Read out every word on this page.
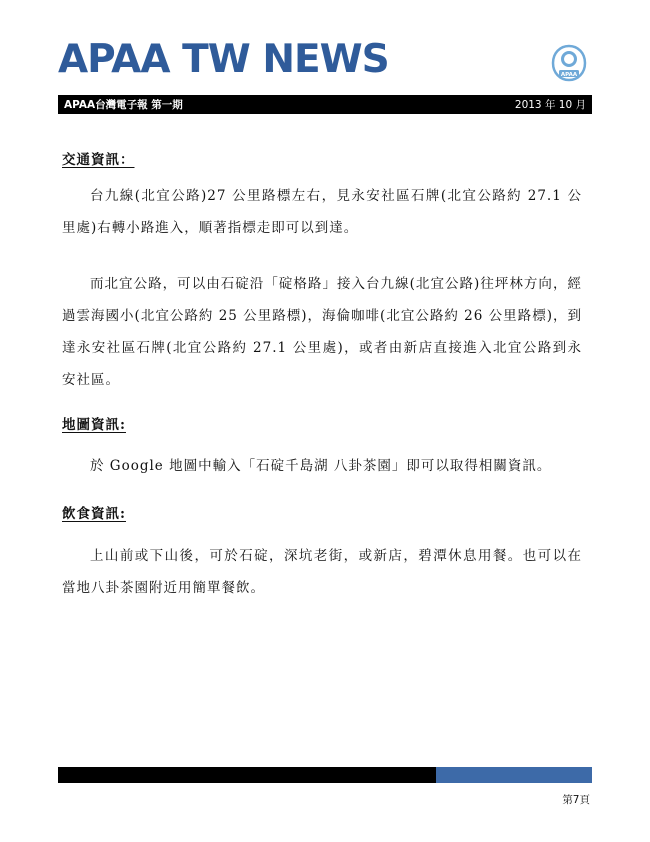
APAA TW NEWS	APAA
APAA台灣電子報 第一期	2013 年 10 月
交通資訊：

台九線(北宜公路)27 公里路標左右，見永安社區石牌(北宜公路約 27.1 公里處)右轉小路進入，順著指標走即可以到達。

而北宜公路，可以由石碇沿「碇格路」接入台九線(北宜公路)往坪林方向，經過雲海國小(北宜公路約 25 公里路標)，海倫咖啡(北宜公路約 26 公里路標)，到達永安社區石牌(北宜公路約 27.1 公里處)，或者由新店直接進入北宜公路到永安社區。

地圖資訊:

於 Google 地圖中輸入「石碇千島湖 八卦茶園」即可以取得相關資訊。

飲食資訊:

上山前或下山後，可於石碇，深坑老街，或新店，碧潭休息用餐。也可以在當地八卦茶園附近用簡單餐飲。

第7頁
